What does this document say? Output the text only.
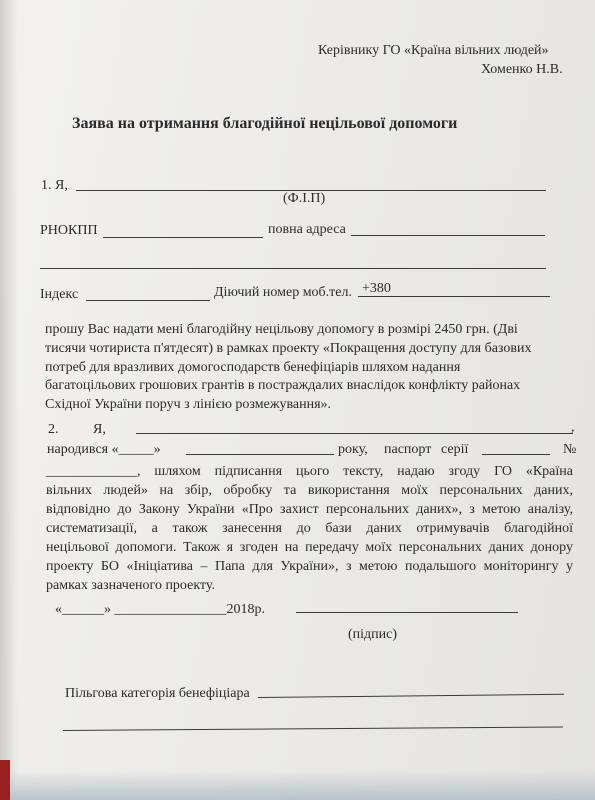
Керівнику ГО «Країна вільних людей»
Хоменко Н.В.
Заява на отримання благодійної нецільової допомоги
1. Я,
(Ф.І.П)
РНОКПП	повна адреса
Індекс	Діючий номер моб.тел. +380
прошу Вас надати мені благодійну нецільову допомогу в розмірі 2450 грн. (Дві
тисячи чотириста п'ятдесят) в рамках проекту «Покращення доступу для базових
потреб для вразливих домогосподарств бенефіціарів шляхом надання
багатоцільових грошових грантів в постраждалих внаслідок конфлікту районах
Східної України поруч з лінією розмежування».
2. Я,	,
народився «_____»	року, паспорт серії	№
_____________, шляхом підписання цього тексту, надаю згоду ГО «Країна
вільних людей» на збір, обробку та використання моїх персональних даних,
відповідно до Закону України «Про захист персональних даних», з метою аналізу,
систематизації, а також занесення до бази даних отримувачів благодійної
нецільової допомоги. Також я згоден на передачу моїх персональних даних донору
проекту БО «Ініціатива – Папа для України», з метою подальшого моніторингу у
рамках зазначеного проекту.
«______» ________________2018р.
(підпис)
Пільгова категорія бенефіціара
